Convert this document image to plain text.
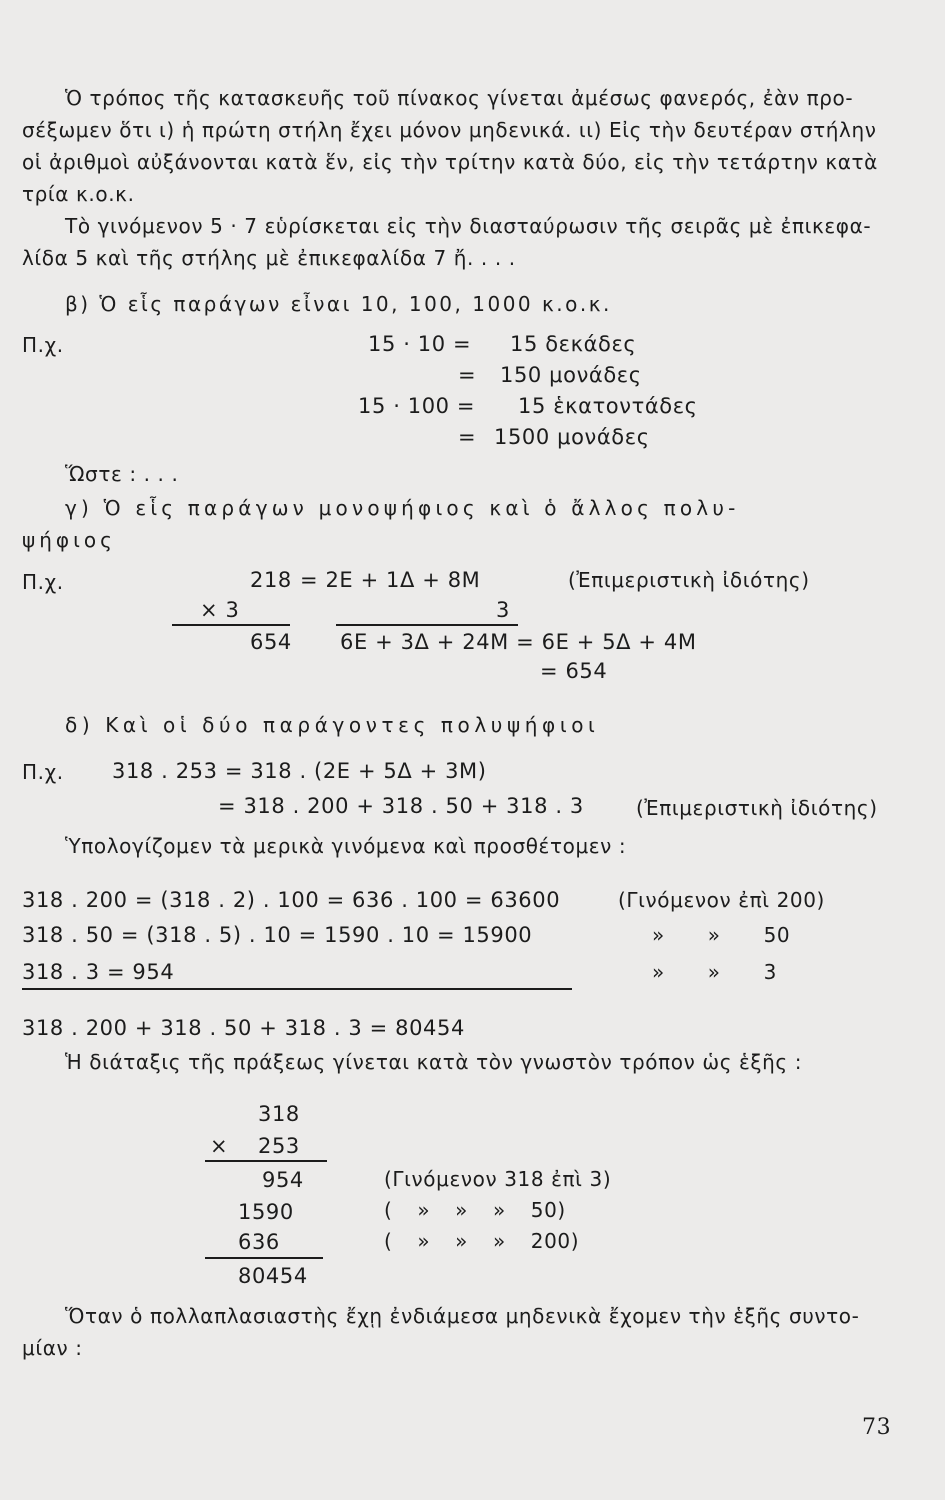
Ὁ τρόπος τῆς κατασκευῆς τοῦ πίνακος γίνεται ἀμέσως φανερός, ἐὰν προ-
σέξωμεν ὅτι ι) ἡ πρώτη στήλη ἔχει μόνον μηδενικά. ιι) Εἰς τὴν δευτέραν στήλην
οἱ ἀριθμοὶ αὐξάνονται κατὰ ἕν, εἰς τὴν τρίτην κατὰ δύο, εἰς τὴν τετάρτην κατὰ
τρία κ.ο.κ.
Τὸ γινόμενον 5 · 7 εὑρίσκεται εἰς τὴν διασταύρωσιν τῆς σειρᾶς μὲ ἐπικεφα-
λίδα 5 καὶ τῆς στήλης μὲ ἐπικεφαλίδα 7 ἤ. . . .
β) Ὁ εἷς παράγων εἶναι 10, 100, 1000 κ.ο.κ.
Π.χ.	15 · 10 = 15 δεκάδες
= 150 μονάδες
15 · 100 = 15 ἑκατοντάδες
= 1500 μονάδες
Ὥστε : . . .
γ) Ὁ εἷς παράγων μονοψήφιος καὶ ὁ ἄλλος πολυ-
ψήφιος
Π.χ.	218 = 2Ε + 1Δ + 8Μ	(Ἐπιμεριστικὴ ἰδιότης)
× 3	3
654 6Ε + 3Δ + 24Μ = 6Ε + 5Δ + 4Μ
= 654
δ) Καὶ οἱ δύο παράγοντες πολυψήφιοι
Π.χ. 318 . 253 = 318 . (2Ε + 5Δ + 3Μ)
= 318 . 200 + 318 . 50 + 318 . 3	(Ἐπιμεριστικὴ ἰδιότης)
Ὑπολογίζομεν τὰ μερικὰ γινόμενα καὶ προσθέτομεν :
318 . 200 = (318 . 2) . 100 = 636 . 100 = 63600	(Γινόμενον ἐπὶ 200)
318 . 50 = (318 . 5) . 10 = 1590 . 10 = 15900	» » 50
318 . 3 = 954	» » 3
318 . 200 + 318 . 50 + 318 . 3 = 80454
Ἡ διάταξις τῆς πράξεως γίνεται κατὰ τὸν γνωστὸν τρόπον ὡς ἑξῆς :
318
× 253
954	(Γινόμενον 318 ἐπὶ 3)
1590	( » » » 50)
636	( » » » 200)
80454
Ὅταν ὁ πολλαπλασιαστὴς ἔχῃ ἐνδιάμεσα μηδενικὰ ἔχομεν τὴν ἑξῆς συντο-
μίαν :
73
